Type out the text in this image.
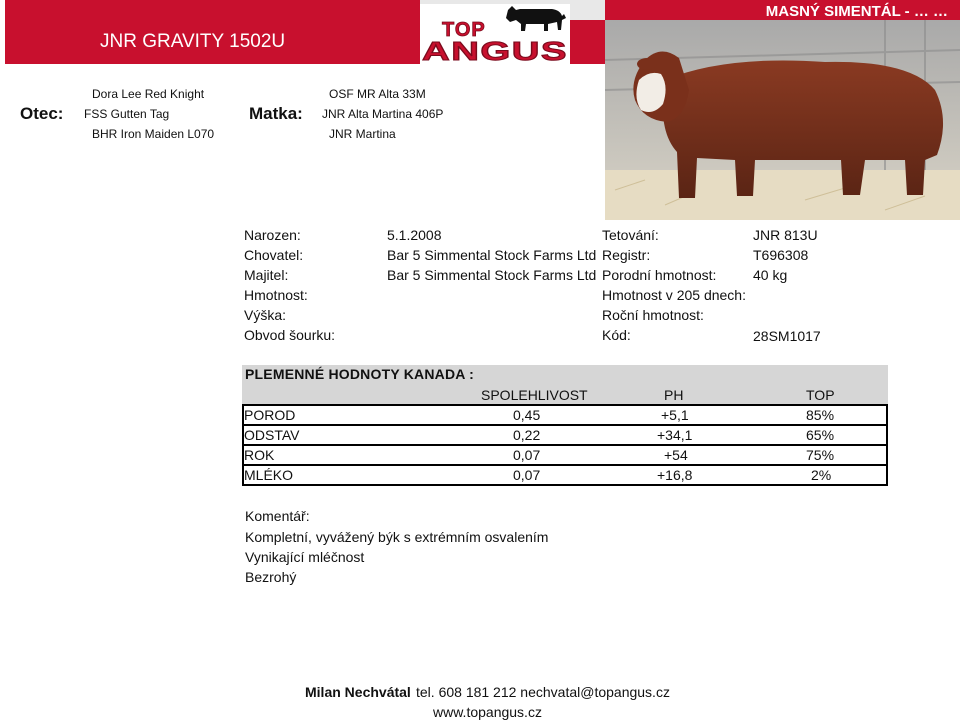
JNR GRAVITY 1502U
MASNÝ SIMENTÁL - … …
TOP
ANGUS
Otec:
Dora Lee Red Knight
FSS Gutten Tag
BHR Iron Maiden L070
Matka:
OSF MR Alta 33M
JNR Alta Martina 406P
JNR Martina
Narozen:	5.1.2008
Chovatel:	Bar 5 Simmental Stock Farms Ltd
Majitel:	Bar 5 Simmental Stock Farms Ltd
Hmotnost:
Výška:
Obvod šourku:
Tetování:	JNR 813U
Registr:	T696308
Porodní hmotnost:	40 kg
Hmotnost v 205 dnech:
Roční hmotnost:
Kód:	28SM1017
PLEMENNÉ HODNOTY KANADA :
SPOLEHLIVOST	PH	TOP
POROD	0,45	+5,1	85%
ODSTAV	0,22	+34,1	65%
ROK	0,07	+54	75%
MLÉKO	0,07	+16,8	2%
Komentář:
Kompletní, vyvážený býk s extrémním osvalením
Vynikající mléčnost
Bezrohý
Milan Nechvátal tel. 608 181 212 nechvatal@topangus.cz
www.topangus.cz
